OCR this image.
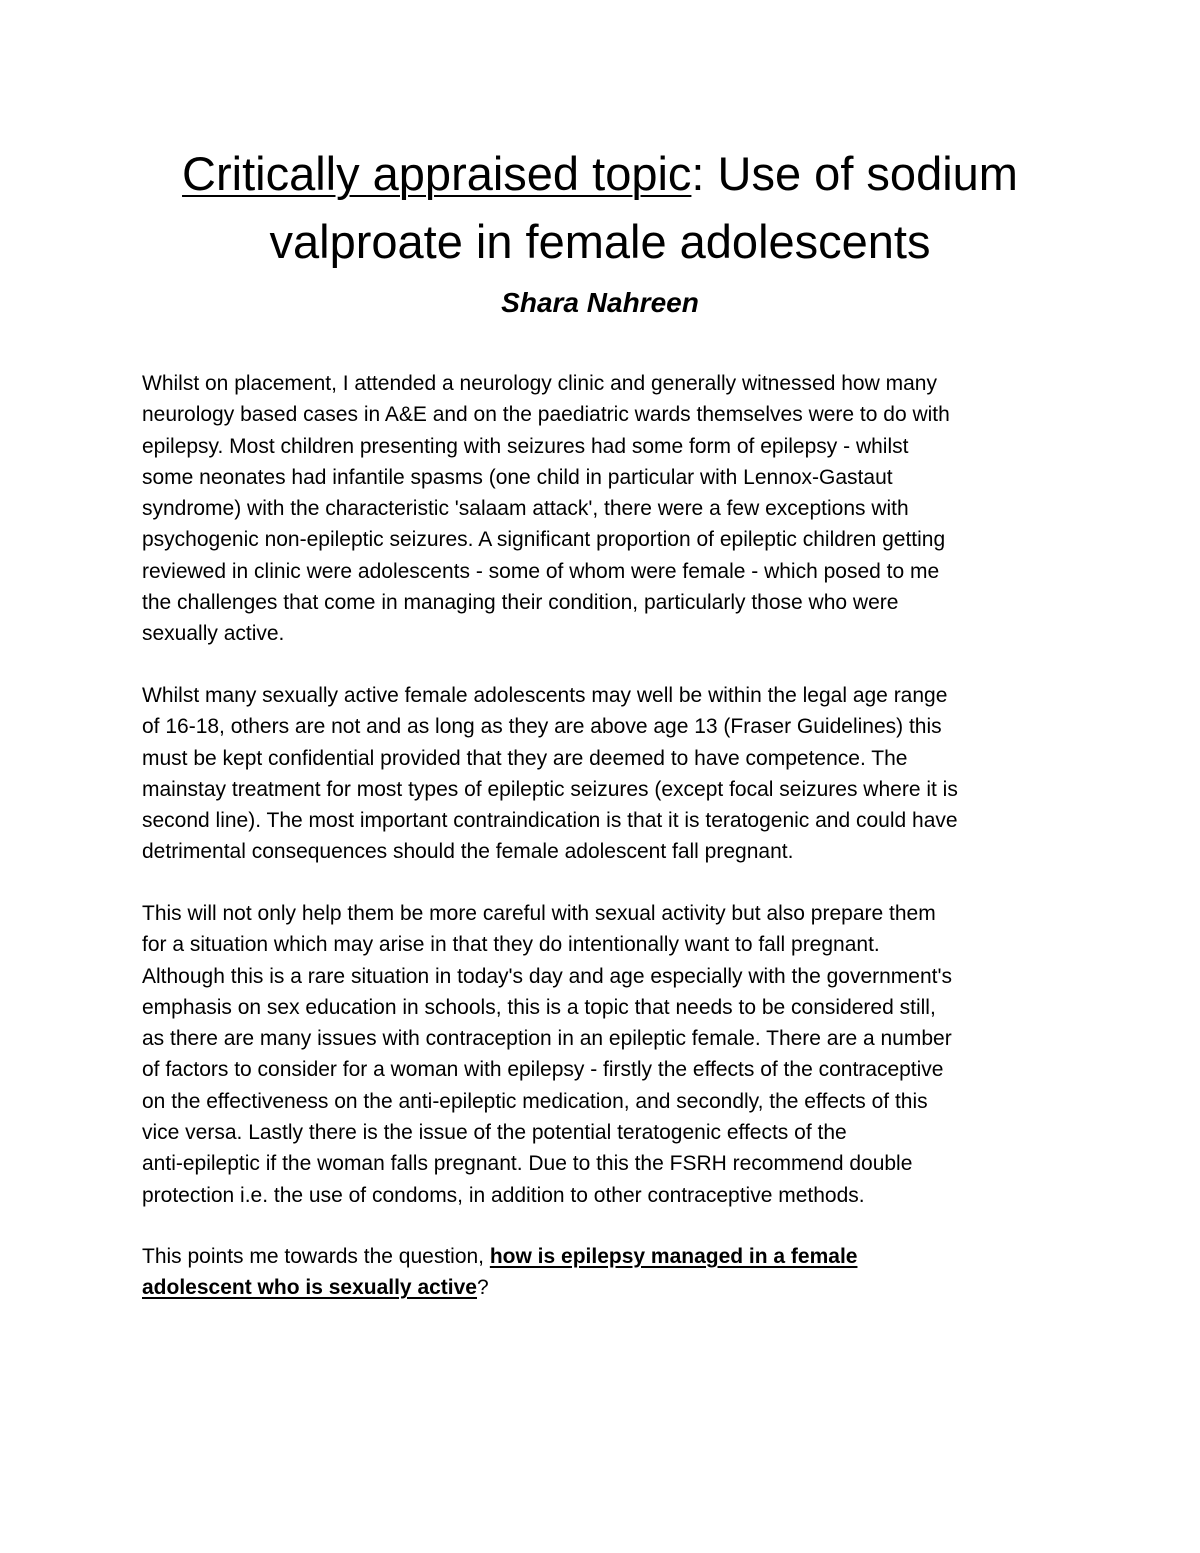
Critically appraised topic: Use of sodium
valproate in female adolescents
Shara Nahreen

Whilst on placement, I attended a neurology clinic and generally witnessed how many
neurology based cases in A&E and on the paediatric wards themselves were to do with
epilepsy. Most children presenting with seizures had some form of epilepsy - whilst
some neonates had infantile spasms (one child in particular with Lennox-Gastaut
syndrome) with the characteristic 'salaam attack', there were a few exceptions with
psychogenic non-epileptic seizures. A significant proportion of epileptic children getting
reviewed in clinic were adolescents - some of whom were female - which posed to me
the challenges that come in managing their condition, particularly those who were
sexually active.

Whilst many sexually active female adolescents may well be within the legal age range
of 16-18, others are not and as long as they are above age 13 (Fraser Guidelines) this
must be kept confidential provided that they are deemed to have competence. The
mainstay treatment for most types of epileptic seizures (except focal seizures where it is
second line). The most important contraindication is that it is teratogenic and could have
detrimental consequences should the female adolescent fall pregnant.

This will not only help them be more careful with sexual activity but also prepare them
for a situation which may arise in that they do intentionally want to fall pregnant.
Although this is a rare situation in today's day and age especially with the government's
emphasis on sex education in schools, this is a topic that needs to be considered still,
as there are many issues with contraception in an epileptic female. There are a number
of factors to consider for a woman with epilepsy - firstly the effects of the contraceptive
on the effectiveness on the anti-epileptic medication, and secondly, the effects of this
vice versa. Lastly there is the issue of the potential teratogenic effects of the
anti-epileptic if the woman falls pregnant. Due to this the FSRH recommend double
protection i.e. the use of condoms, in addition to other contraceptive methods.

This points me towards the question, how is epilepsy managed in a female
adolescent who is sexually active?
